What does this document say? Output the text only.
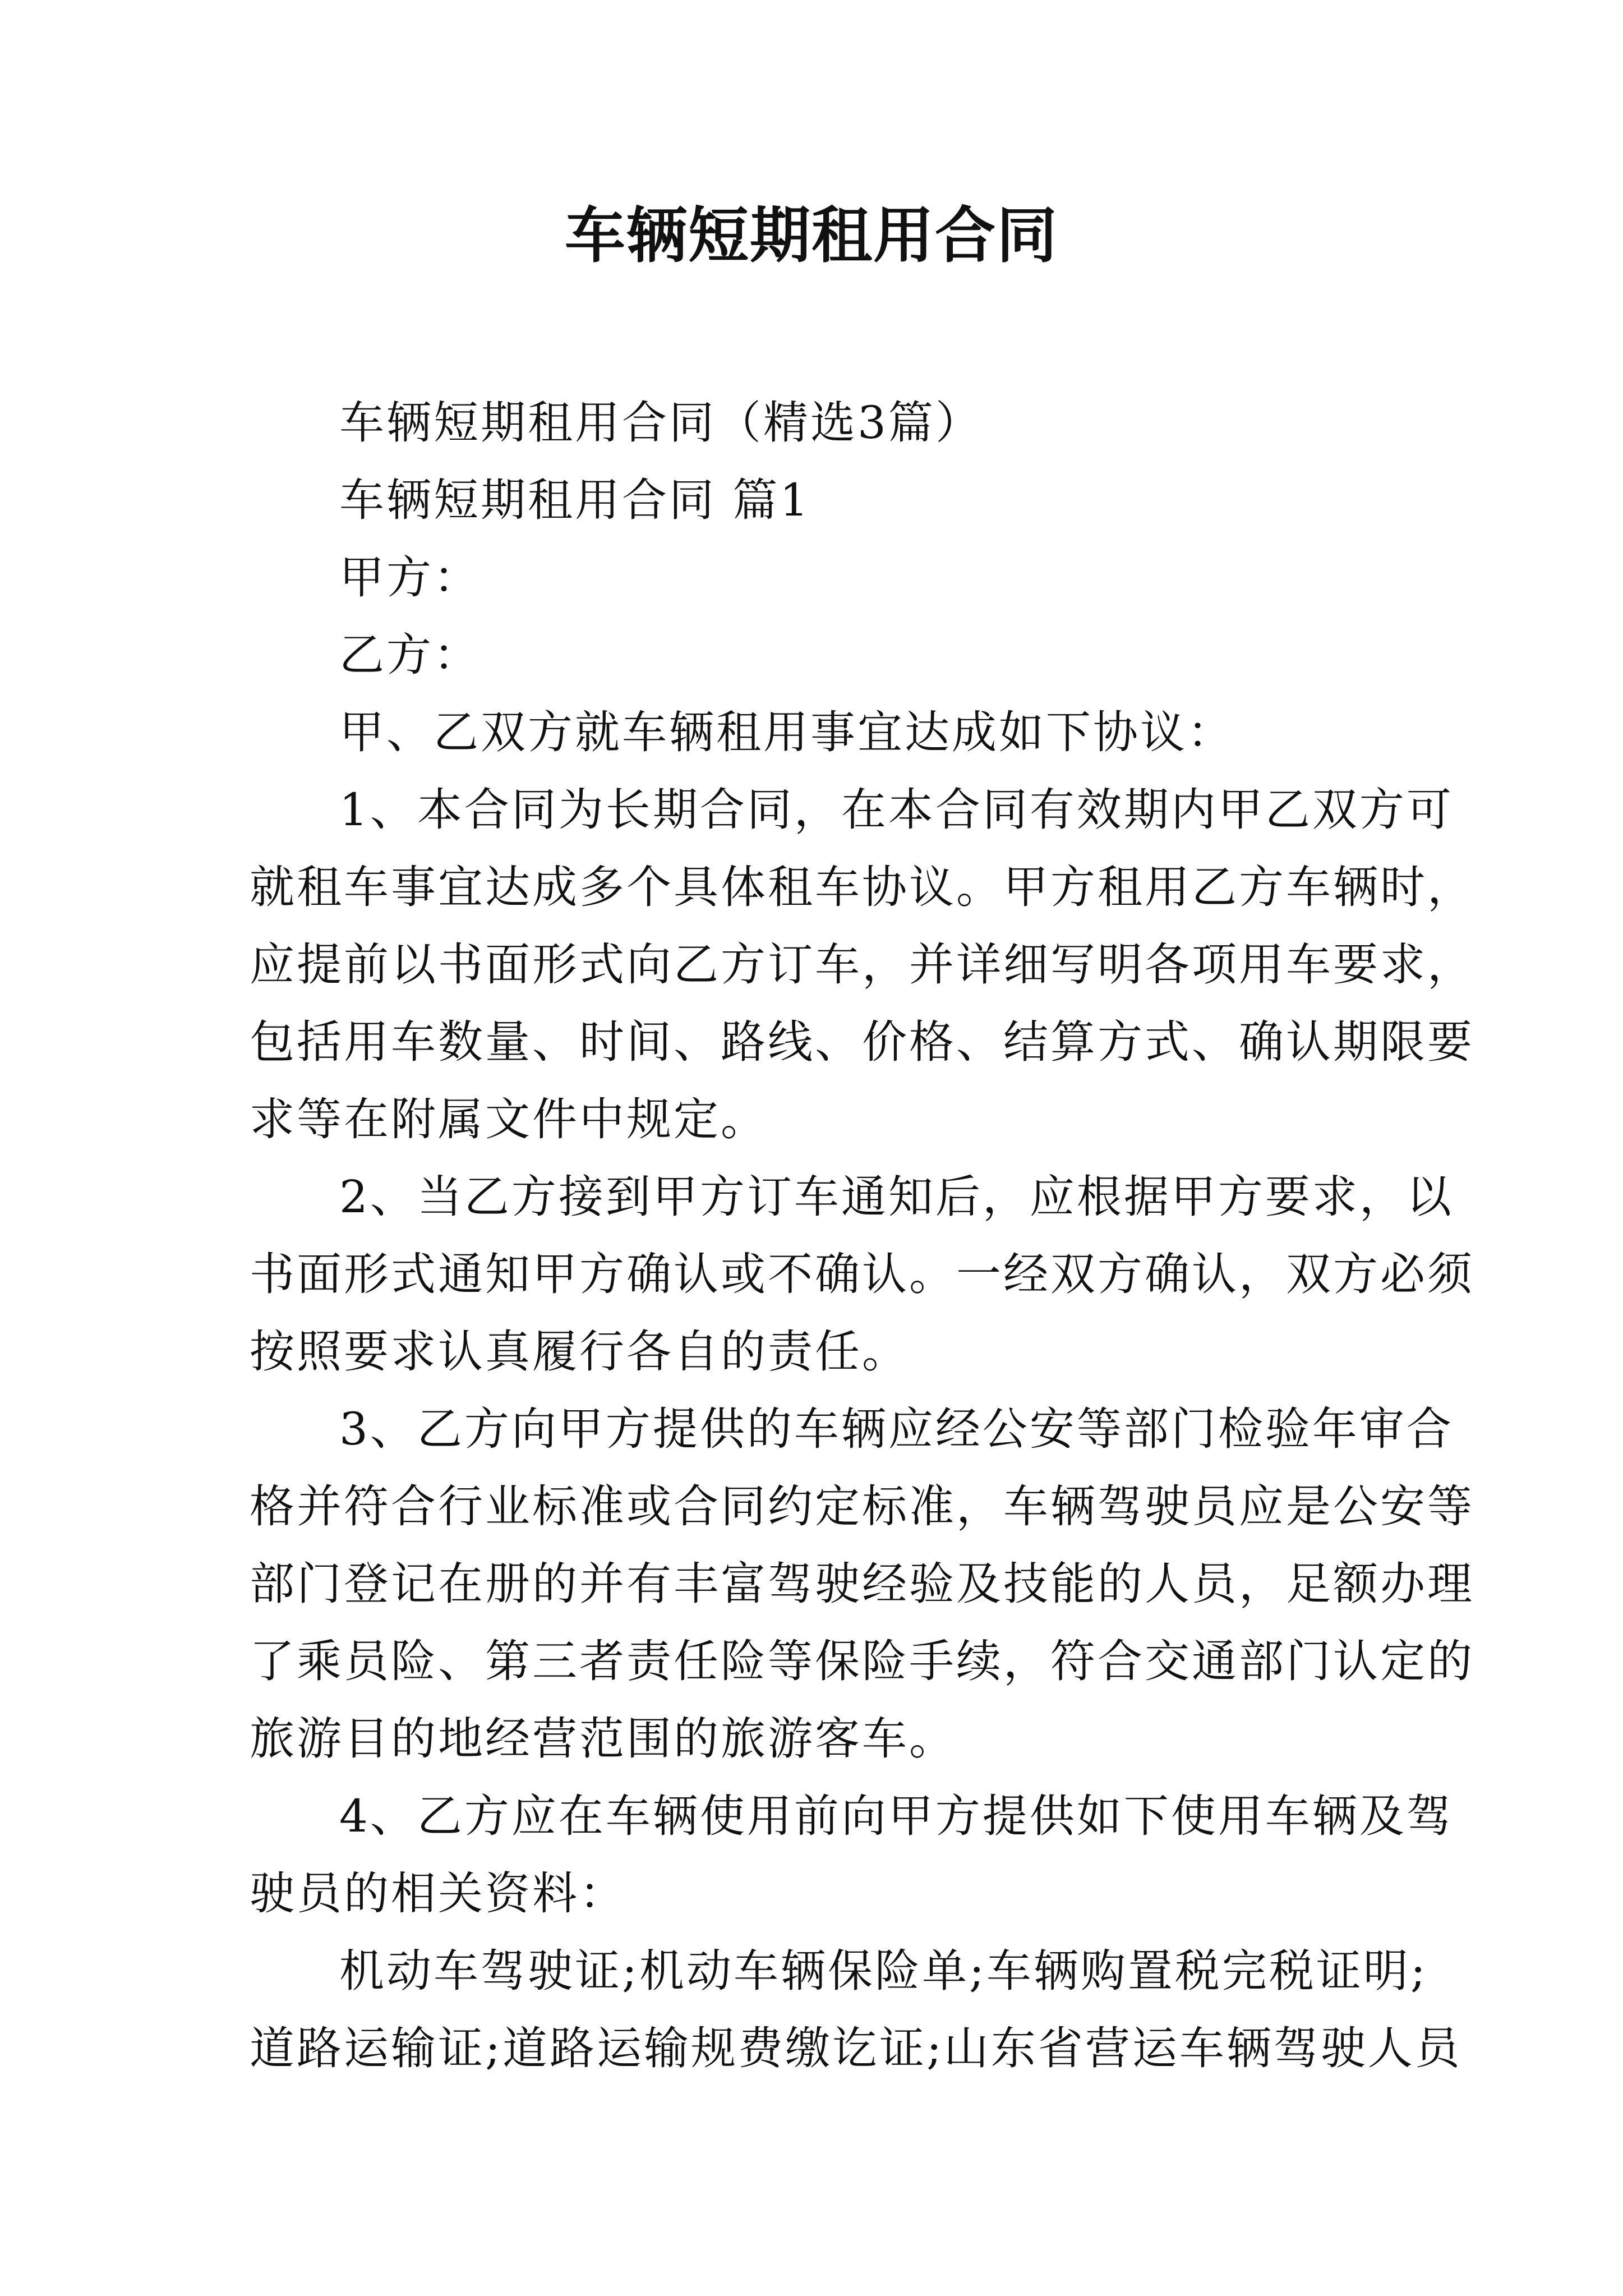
车辆短期租用合同

车辆短期租用合同（精选3篇）

车辆短期租用合同 篇1

甲方：

乙方：

甲、乙双方就车辆租用事宜达成如下协议：

1、本合同为长期合同，在本合同有效期内甲乙双方可
就租车事宜达成多个具体租车协议。甲方租用乙方车辆时，
应提前以书面形式向乙方订车，并详细写明各项用车要求，
包括用车数量、时间、路线、价格、结算方式、确认期限要
求等在附属文件中规定。
2、当乙方接到甲方订车通知后，应根据甲方要求，以
书面形式通知甲方确认或不确认。一经双方确认，双方必须
按照要求认真履行各自的责任。
3、乙方向甲方提供的车辆应经公安等部门检验年审合
格并符合行业标准或合同约定标准，车辆驾驶员应是公安等
部门登记在册的并有丰富驾驶经验及技能的人员，足额办理
了乘员险、第三者责任险等保险手续，符合交通部门认定的
旅游目的地经营范围的旅游客车。
4、乙方应在车辆使用前向甲方提供如下使用车辆及驾
驶员的相关资料：
机动车驾驶证;机动车辆保险单;车辆购置税完税证明;
道路运输证;道路运输规费缴讫证;山东省营运车辆驾驶人员
